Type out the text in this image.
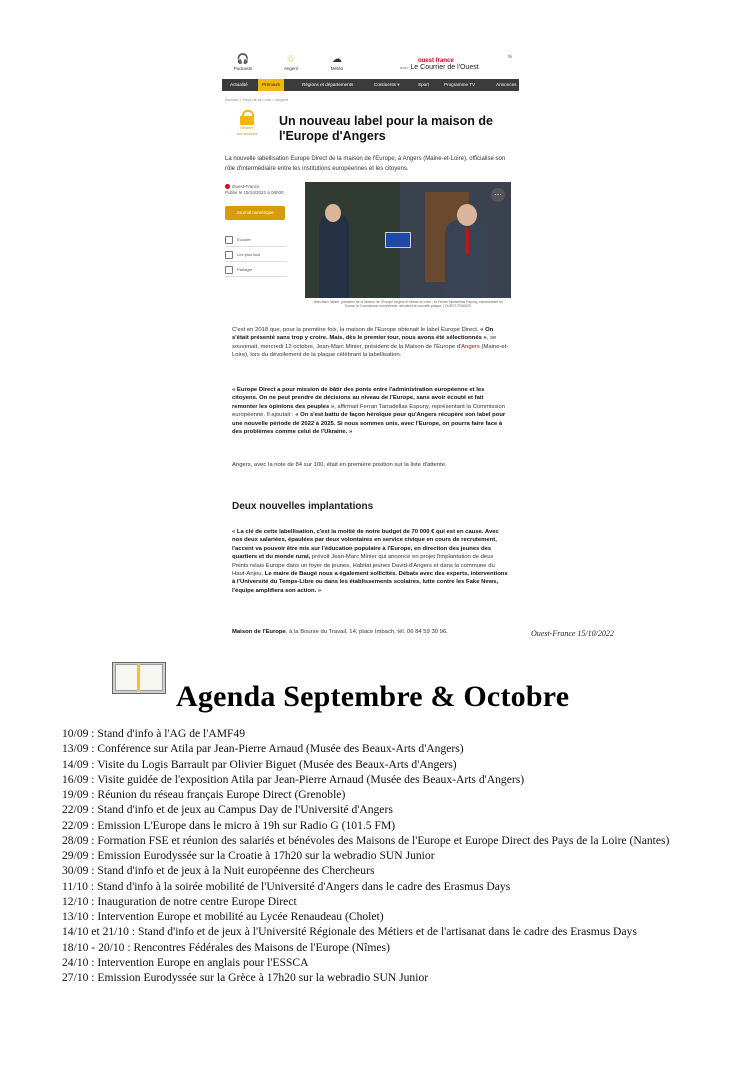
🎧
Podcasts
☆
Angers
☁
Météo
ouest france
avec Le Courrier de l'Ouest
N
Actualité	Premium	Régions et départements	Continents ▾	Sport	Programme TV	Annonces
Accueil > Pays de la Loire > Angers
Réservé
aux abonnés
Un nouveau label pour la maison de l'Europe d'Angers
La nouvelle labellisation Europe Direct de la maison de l'Europe, à Angers (Maine-et-Loire), officialise son rôle d'intermédiaire entre les institutions européennes et les citoyens.
Ouest-France
Publié le 15/10/2022 à 06h00
Journal numérique
Écouter
Lire plus tard
Partager
⋯
Jean-Marc Minier, président de la Maison de l'Europe Angers et Maine-et-Loire ; et Ferran Tarradellas Espuny, représentant en France la Commission européenne, dévoilent la nouvelle plaque. | OUEST-FRANCE
C'est en 2018 que, pour la première fois, la maison de l'Europe obtenait le label Europe Direct. « On s'était présenté sans trop y croire. Mais, dès le premier tour, nous avons été sélectionnés », se souvenait, mercredi 12 octobre, Jean-Marc Minier, président de la Maison de l'Europe d'Angers (Maine-et-Loire), lors du dévoilement de la plaque célébrant la labellisation.
« Europe Direct a pour mission de bâtir des ponts entre l'administration européenne et les citoyens. On ne peut prendre de décisions au niveau de l'Europe, sans avoir écouté et fait remonter les opinions des peuples », affirmait Ferran Tarradellas Espuny, représentant la Commission européenne. Il ajoutait : « On s'est battu de façon héroïque pour qu'Angers récupère son label pour une nouvelle période de 2022 à 2025. Si nous sommes unis, avec l'Europe, on pourra faire face à des problèmes comme celui de l'Ukraine. »
Angers, avec la note de 84 sur 100, était en première position sur la liste d'attente.
Deux nouvelles implantations
« La clé de cette labellisation, c'est la moitié de notre budget de 70 000 € qui est en cause. Avec nos deux salariées, épaulées par deux volontaires en service civique en cours de recrutement, l'accent va pouvoir être mis sur l'éducation populaire à l'Europe, en direction des jeunes des quartiers et du monde rural, prévoit Jean-Marc Minier qui annonce en projet l'implantation de deux Points relais Europe dans un foyer de jeunes, Habitat jeunes David-d'Angers et dans la commune du Haut-Anjou. Le maire de Baugé nous a également sollicités. Débats avec des experts, interventions à l'Université du Temps-Libre ou dans les établissements scolaires, lutte contre les Fake News, l'équipe amplifiera son action. »
Maison de l'Europe, à la Bourse du Travail, 14, place Imbach, tél. 06 84 59 30 96.	Ouest-France 15/10/2022
Agenda Septembre & Octobre
10/09 : Stand d'info à l'AG de l'AMF49
13/09 : Conférence sur Atila par Jean-Pierre Arnaud (Musée des Beaux-Arts d'Angers)
14/09 : Visite du Logis Barrault par Olivier Biguet (Musée des Beaux-Arts d'Angers)
16/09 : Visite guidée de l'exposition Atila par Jean-Pierre Arnaud (Musée des Beaux-Arts d'Angers)
19/09 : Réunion du réseau français Europe Direct (Grenoble)
22/09 : Stand d'info et de jeux au Campus Day de l'Université d'Angers
22/09 : Emission L'Europe dans le micro à 19h sur Radio G (101.5 FM)
28/09 : Formation FSE et réunion des salariés et bénévoles des Maisons de l'Europe et Europe Direct des Pays de la Loire (Nantes)
29/09 : Emission Eurodyssée sur la Croatie à 17h20 sur la webradio SUN Junior
30/09 : Stand d'info et de jeux à la Nuit européenne des Chercheurs
11/10 : Stand d'info à la soirée mobilité de l'Université d'Angers dans le cadre des Erasmus Days
12/10 : Inauguration de notre centre Europe Direct
13/10 : Intervention Europe et mobilité au Lycée Renaudeau (Cholet)
14/10 et 21/10 : Stand d'info et de jeux à l'Université Régionale des Métiers et de l'artisanat dans le cadre des Erasmus Days
18/10 - 20/10 : Rencontres Fédérales des Maisons de l'Europe (Nîmes)
24/10 : Intervention Europe en anglais pour l'ESSCA
27/10 : Emission Eurodyssée sur la Grèce à 17h20 sur la webradio SUN Junior
